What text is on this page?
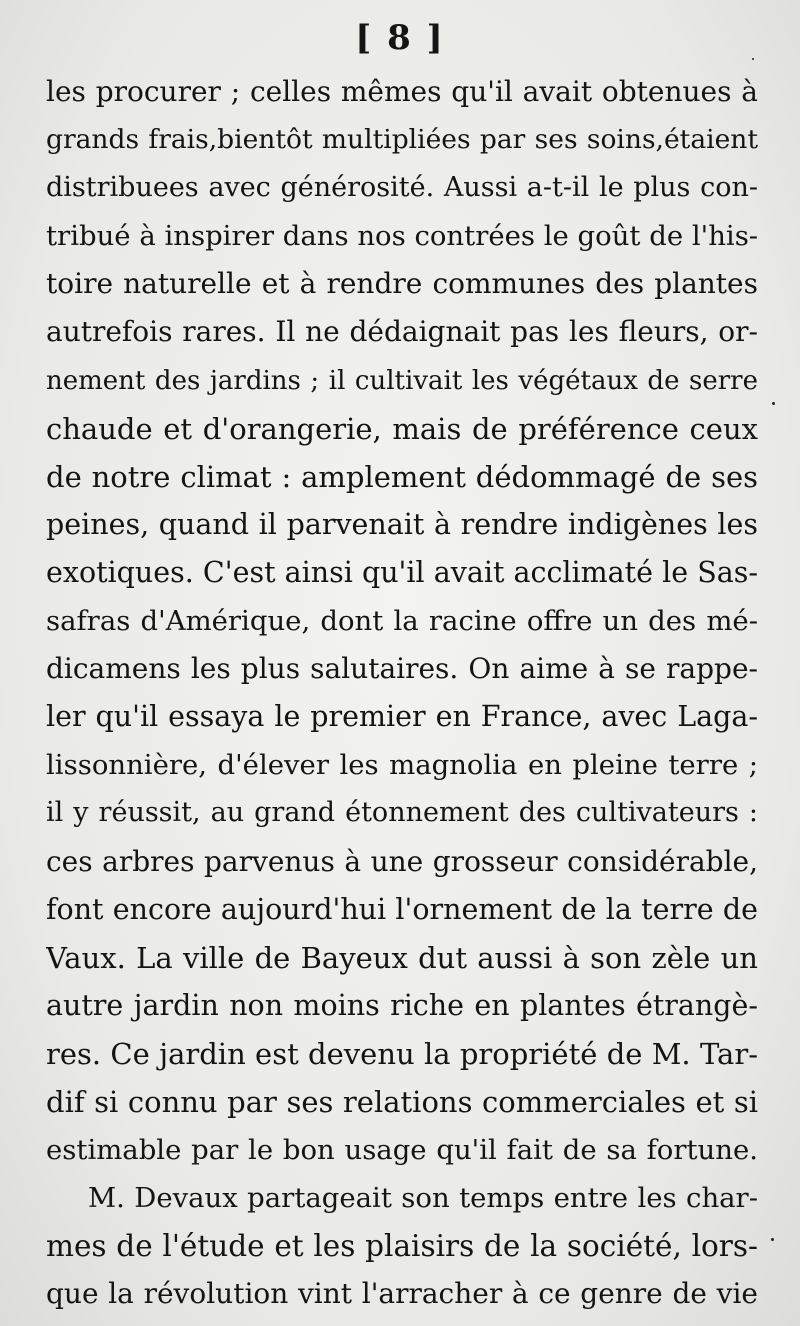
[ 8 ]
les procurer ; celles mêmes qu'il avait obtenues à
grands frais,bientôt multipliées par ses soins,étaient
distribuees avec générosité. Aussi a-t-il le plus con-
tribué à inspirer dans nos contrées le goût de l'his-
toire naturelle et à rendre communes des plantes
autrefois rares. Il ne dédaignait pas les fleurs, or-
nement des jardins ; il cultivait les végétaux de serre
chaude et d'orangerie, mais de préférence ceux
de notre climat : amplement dédommagé de ses
peines, quand il parvenait à rendre indigènes les
exotiques. C'est ainsi qu'il avait acclimaté le Sas-
safras d'Amérique, dont la racine offre un des mé-
dicamens les plus salutaires. On aime à se rappe-
ler qu'il essaya le premier en France, avec Laga-
lissonnière, d'élever les magnolia en pleine terre ;
il y réussit, au grand étonnement des cultivateurs :
ces arbres parvenus à une grosseur considérable,
font encore aujourd'hui l'ornement de la terre de
Vaux. La ville de Bayeux dut aussi à son zèle un
autre jardin non moins riche en plantes étrangè-
res. Ce jardin est devenu la propriété de M. Tar-
dif si connu par ses relations commerciales et si
estimable par le bon usage qu'il fait de sa fortune.
M. Devaux partageait son temps entre les char-
mes de l'étude et les plaisirs de la société, lors-
que la révolution vint l'arracher à ce genre de vie
